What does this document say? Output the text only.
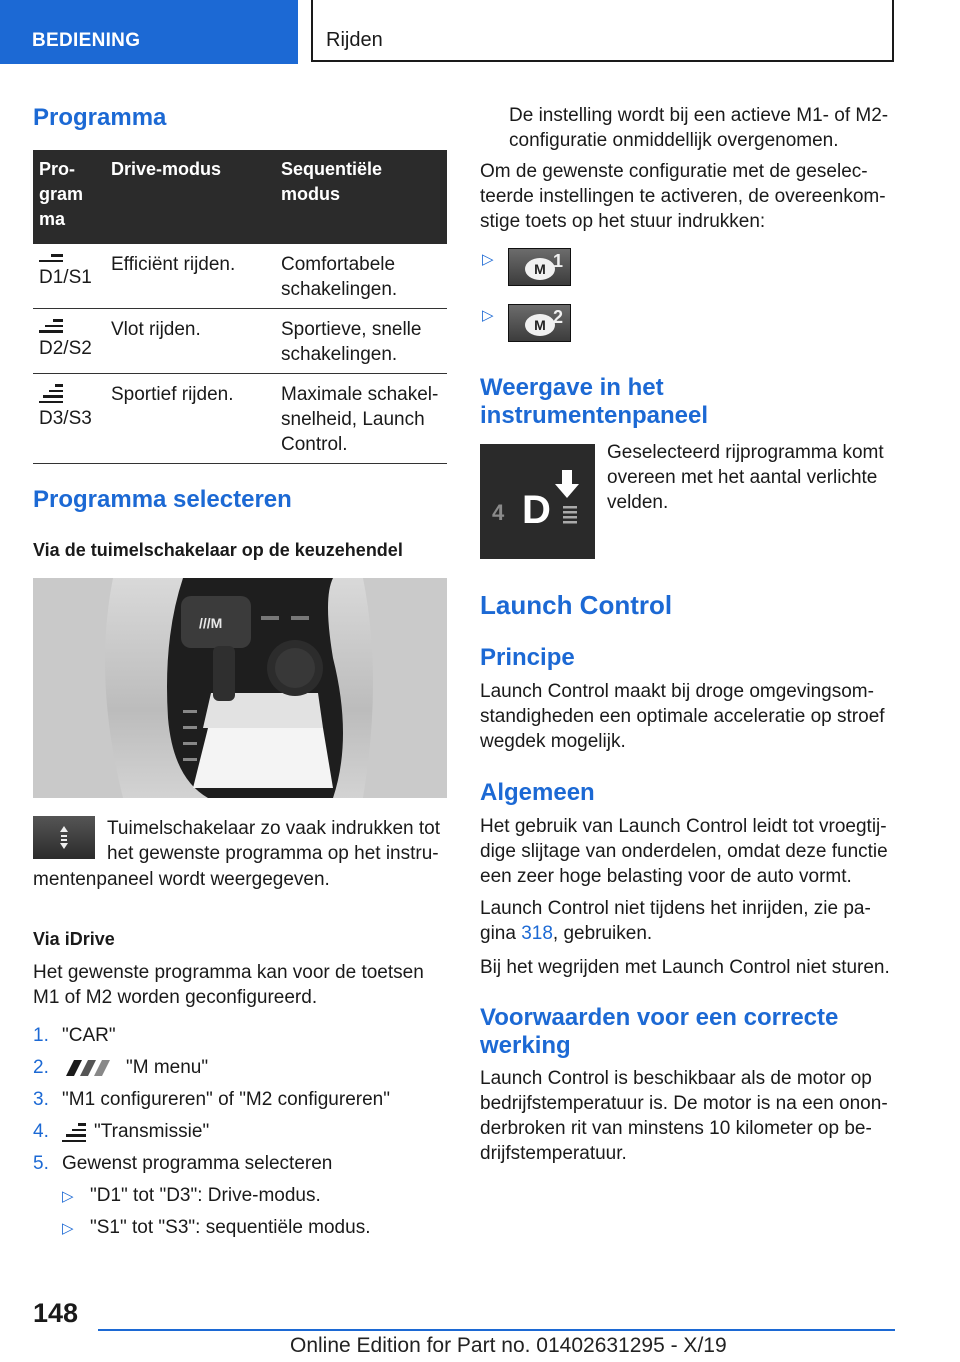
BEDIENING	Rijden
Programma
Pro-
gram
ma	Drive-modus	Sequentiële
modus

D1/S1	Efficiënt rijden.	Comfortabele schakelingen.

D2/S2	Vlot rijden.	Sportieve, snelle schakelingen.

D3/S3	Sportief rijden.	Maximale schakel-snelheid, Launch Control.
Programma selecteren
Via de tuimelschakelaar op de keuzehendel
///M
Tuimelschakelaar zo vaak indrukken tot
het gewenste programma op het instru-
mentenpaneel wordt weergegeven.
Via iDrive
Het gewenste programma kan voor de toetsen M1 of M2 worden geconfigureerd.
1. "CAR"
2.	"M menu"
3. "M1 configureren" of "M2 configureren"
4. "Transmissie"
5. Gewenst programma selecteren
▷ "D1" tot "D3": Drive-modus.
▷ "S1" tot "S3": sequentiële modus.
De instelling wordt bij een actieve M1- of M2-configuratie onmiddellijk overgenomen.
Om de gewenste configuratie met de geselec-teerde instellingen te activeren, de overeenkom-stige toets op het stuur indrukken:
▷
M 1
▷
M 2
Weergave in het instrumentenpaneel
4 D
Geselecteerd rijprogramma komt overeen met het aantal verlichte velden.
Launch Control
Principe
Launch Control maakt bij droge omgevingsom-standigheden een optimale acceleratie op stroef wegdek mogelijk.
Algemeen
Het gebruik van Launch Control leidt tot vroegtij-dige slijtage van onderdelen, omdat deze functie een zeer hoge belasting voor de auto vormt.
Launch Control niet tijdens het inrijden, zie pa-gina 318, gebruiken.
Bij het wegrijden met Launch Control niet sturen.
Voorwaarden voor een correcte werking
Launch Control is beschikbaar als de motor op bedrijfstemperatuur is. De motor is na een onon-derbroken rit van minstens 10 kilometer op be-drijfstemperatuur.
148
Online Edition for Part no. 01402631295 - X/19
